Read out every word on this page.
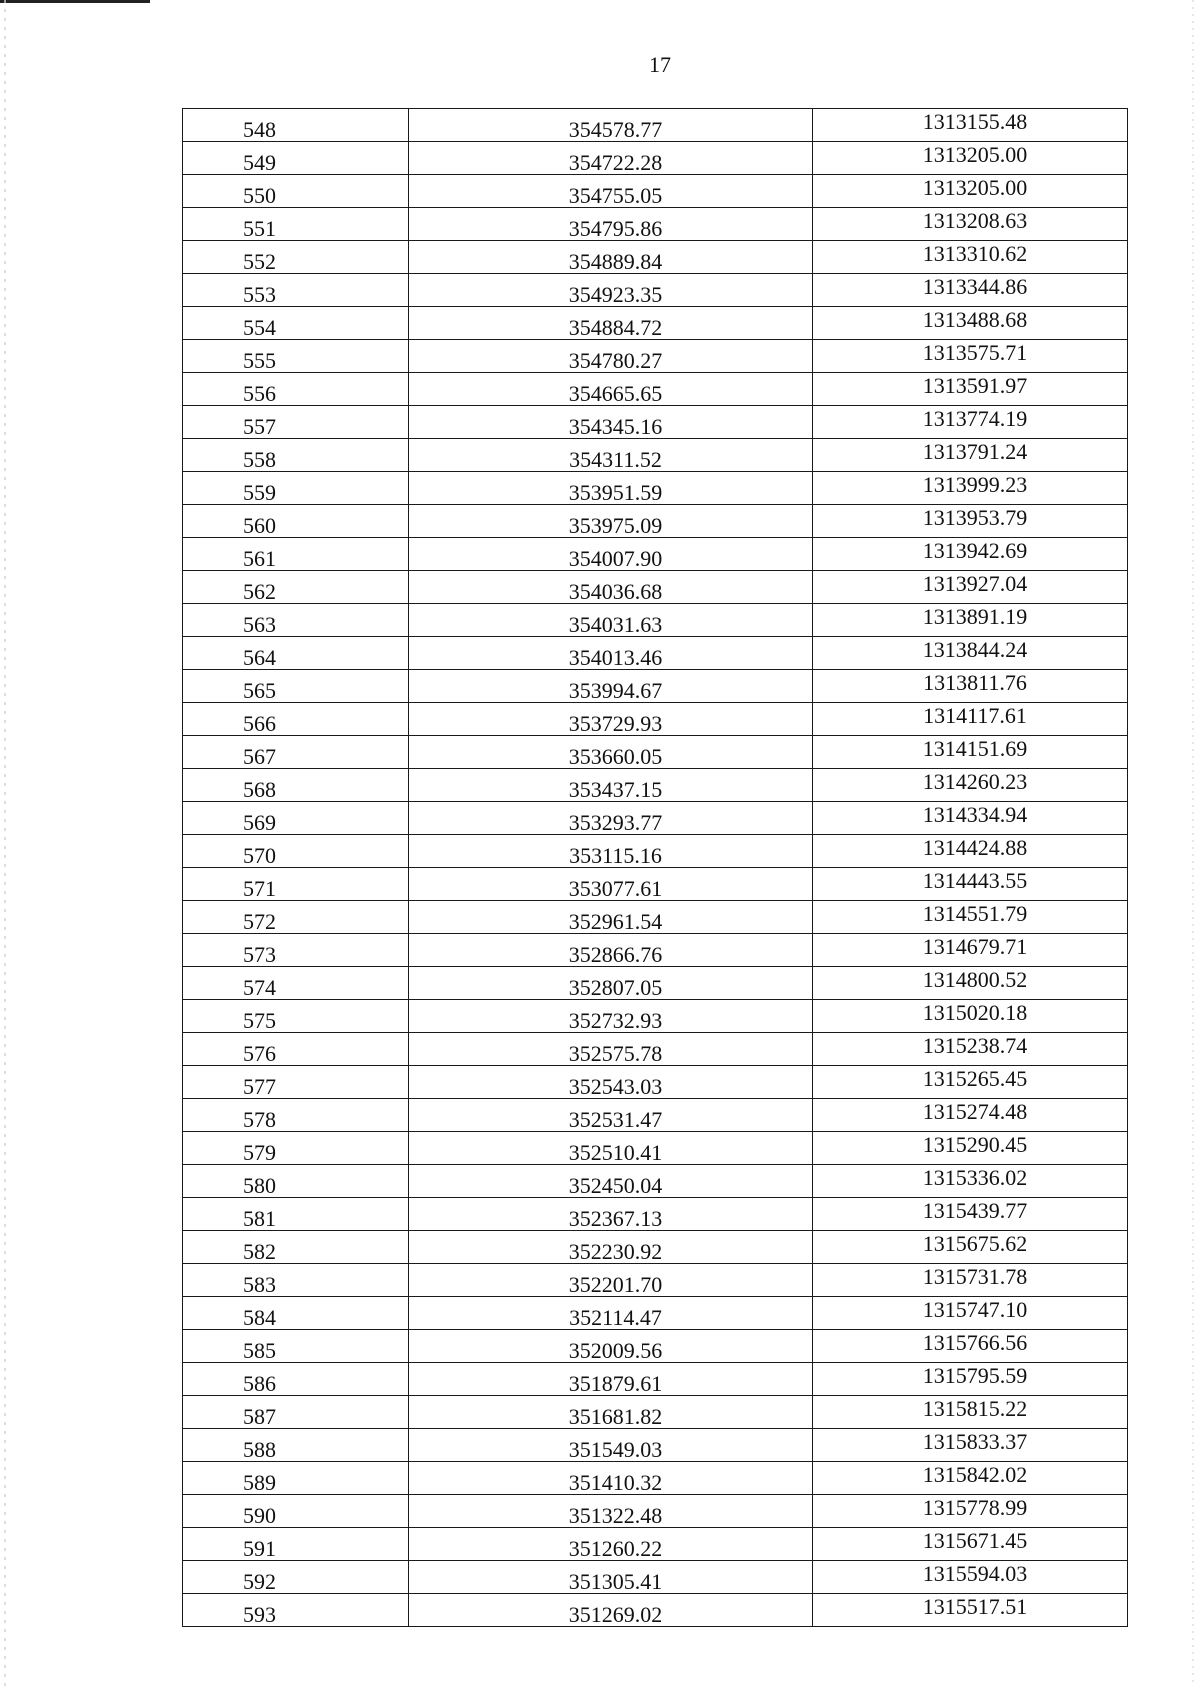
17
548	354578.77	1313155.48
549	354722.28	1313205.00
550	354755.05	1313205.00
551	354795.86	1313208.63
552	354889.84	1313310.62
553	354923.35	1313344.86
554	354884.72	1313488.68
555	354780.27	1313575.71
556	354665.65	1313591.97
557	354345.16	1313774.19
558	354311.52	1313791.24
559	353951.59	1313999.23
560	353975.09	1313953.79
561	354007.90	1313942.69
562	354036.68	1313927.04
563	354031.63	1313891.19
564	354013.46	1313844.24
565	353994.67	1313811.76
566	353729.93	1314117.61
567	353660.05	1314151.69
568	353437.15	1314260.23
569	353293.77	1314334.94
570	353115.16	1314424.88
571	353077.61	1314443.55
572	352961.54	1314551.79
573	352866.76	1314679.71
574	352807.05	1314800.52
575	352732.93	1315020.18
576	352575.78	1315238.74
577	352543.03	1315265.45
578	352531.47	1315274.48
579	352510.41	1315290.45
580	352450.04	1315336.02
581	352367.13	1315439.77
582	352230.92	1315675.62
583	352201.70	1315731.78
584	352114.47	1315747.10
585	352009.56	1315766.56
586	351879.61	1315795.59
587	351681.82	1315815.22
588	351549.03	1315833.37
589	351410.32	1315842.02
590	351322.48	1315778.99
591	351260.22	1315671.45
592	351305.41	1315594.03
593	351269.02	1315517.51
